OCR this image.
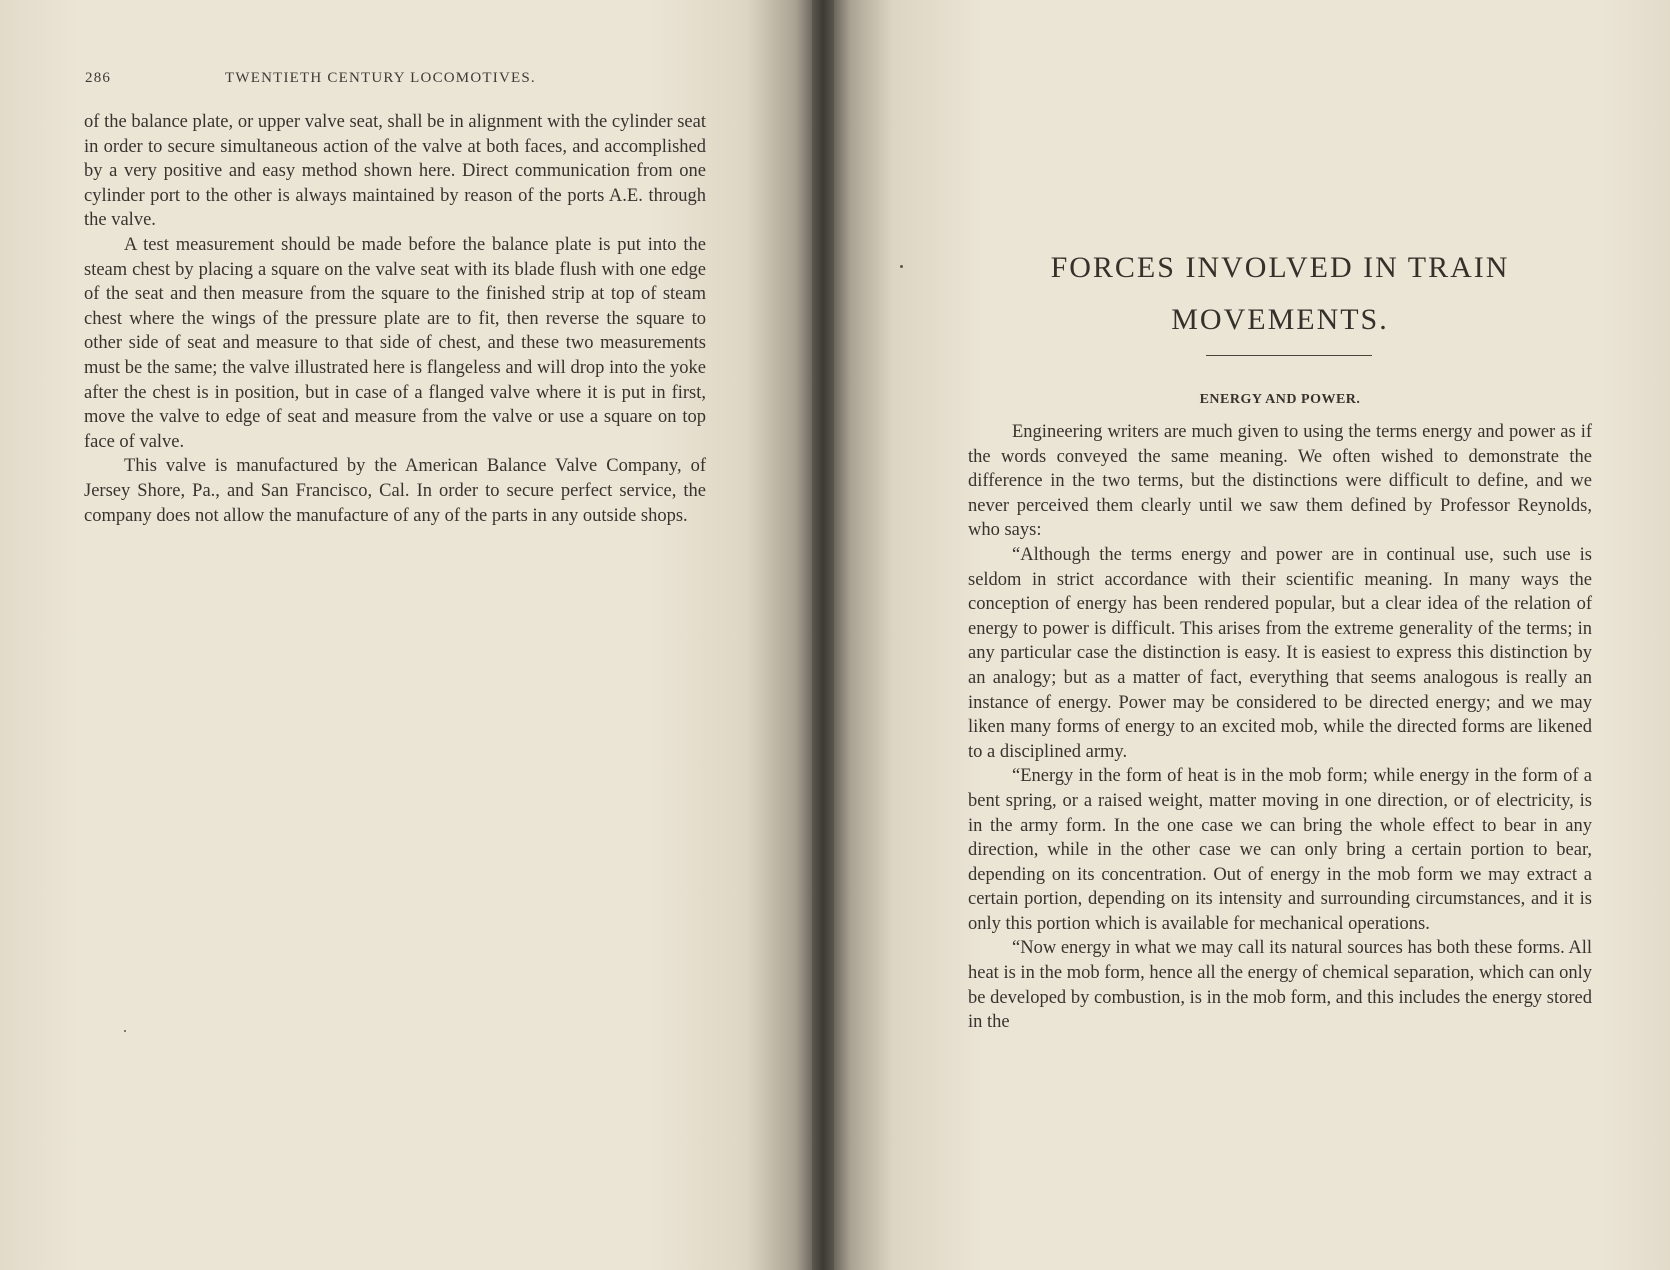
286	TWENTIETH CENTURY LOCOMOTIVES.

of the balance plate, or upper valve seat, shall be in alignment with the cylinder seat in order to secure simultaneous action of the valve at both faces, and accomplished by a very positive and easy method shown here. Direct communication from one cylinder port to the other is always maintained by reason of the ports A.E. through the valve.

A test measurement should be made before the balance plate is put into the steam chest by placing a square on the valve seat with its blade flush with one edge of the seat and then measure from the square to the finished strip at top of steam chest where the wings of the pressure plate are to fit, then reverse the square to other side of seat and measure to that side of chest, and these two measurements must be the same; the valve illustrated here is flangeless and will drop into the yoke after the chest is in position, but in case of a flanged valve where it is put in first, move the valve to edge of seat and measure from the valve or use a square on top face of valve.

This valve is manufactured by the American Balance Valve Company, of Jersey Shore, Pa., and San Francisco, Cal. In order to secure perfect service, the company does not allow the manufacture of any of the parts in any outside shops.

FORCES INVOLVED IN TRAIN
MOVEMENTS.
ENERGY AND POWER.

Engineering writers are much given to using the terms energy and power as if the words conveyed the same meaning. We often wished to demonstrate the difference in the two terms, but the distinctions were difficult to define, and we never perceived them clearly until we saw them defined by Professor Reynolds, who says:

“Although the terms energy and power are in continual use, such use is seldom in strict accordance with their scientific meaning. In many ways the conception of energy has been rendered popular, but a clear idea of the relation of energy to power is difficult. This arises from the extreme generality of the terms; in any particular case the distinction is easy. It is easiest to express this distinction by an analogy; but as a matter of fact, everything that seems analogous is really an instance of energy. Power may be considered to be directed energy; and we may liken many forms of energy to an excited mob, while the directed forms are likened to a disciplined army.

“Energy in the form of heat is in the mob form; while energy in the form of a bent spring, or a raised weight, matter moving in one direction, or of electricity, is in the army form. In the one case we can bring the whole effect to bear in any direction, while in the other case we can only bring a certain portion to bear, depending on its concentration. Out of energy in the mob form we may extract a certain portion, depending on its intensity and surrounding circumstances, and it is only this portion which is available for mechanical operations.

“Now energy in what we may call its natural sources has both these forms. All heat is in the mob form, hence all the energy of chemical separation, which can only be developed by combustion, is in the mob form, and this includes the energy stored in the
